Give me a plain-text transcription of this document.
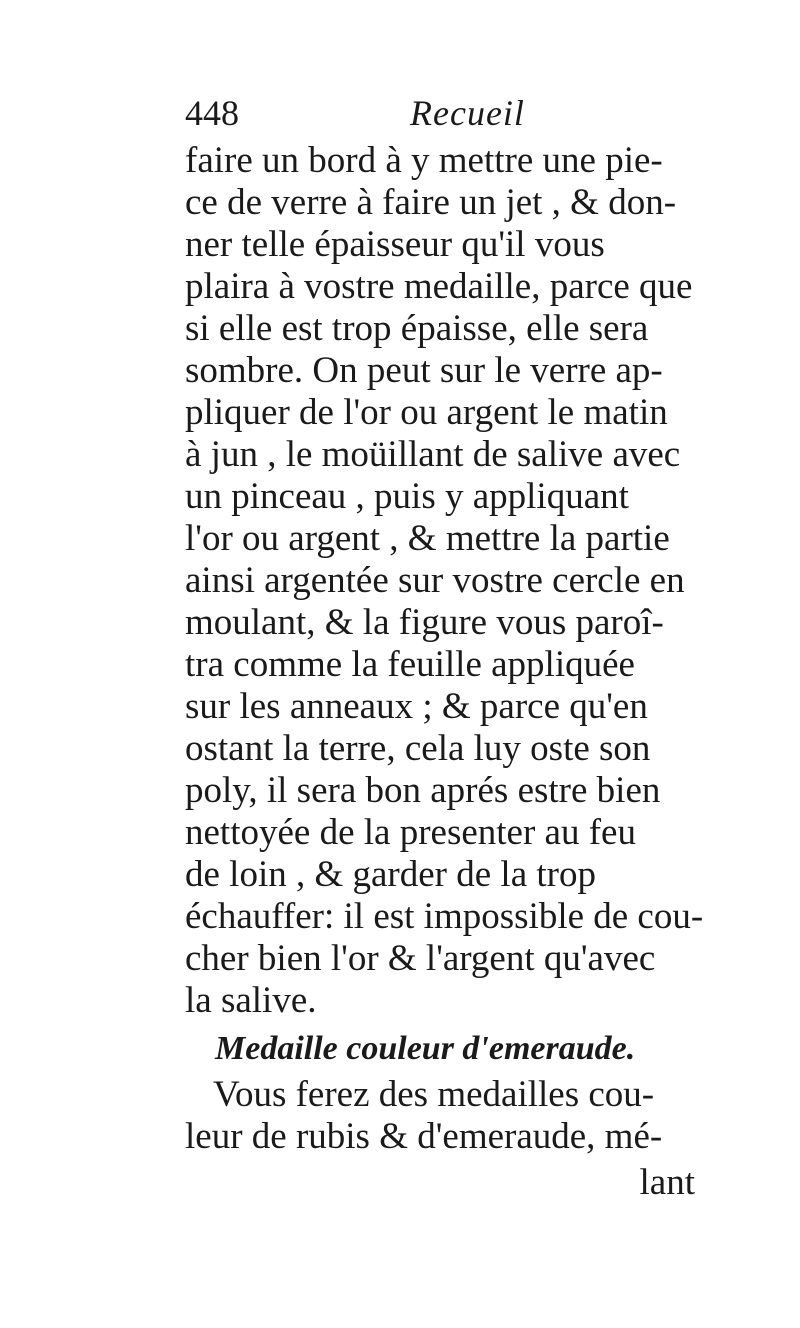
448	Recueil
faire un bord à y mettre une pie-
ce de verre à faire un jet , & don-
ner telle épaisseur qu'il vous
plaira à vostre medaille, parce que
si elle est trop épaisse, elle sera
sombre. On peut sur le verre ap-
pliquer de l'or ou argent le matin
à jun , le moüillant de salive avec
un pinceau , puis y appliquant
l'or ou argent , & mettre la partie
ainsi argentée sur vostre cercle en
moulant, & la figure vous paroî-
tra comme la feuille appliquée
sur les anneaux ; & parce qu'en
ostant la terre, cela luy oste son
poly, il sera bon aprés estre bien
nettoyée de la presenter au feu
de loin , & garder de la trop
échauffer: il est impossible de cou-
cher bien l'or & l'argent qu'avec
la salive.
Medaille couleur d'emeraude.
Vous ferez des medailles cou-
leur de rubis & d'emeraude, mé-
lant
